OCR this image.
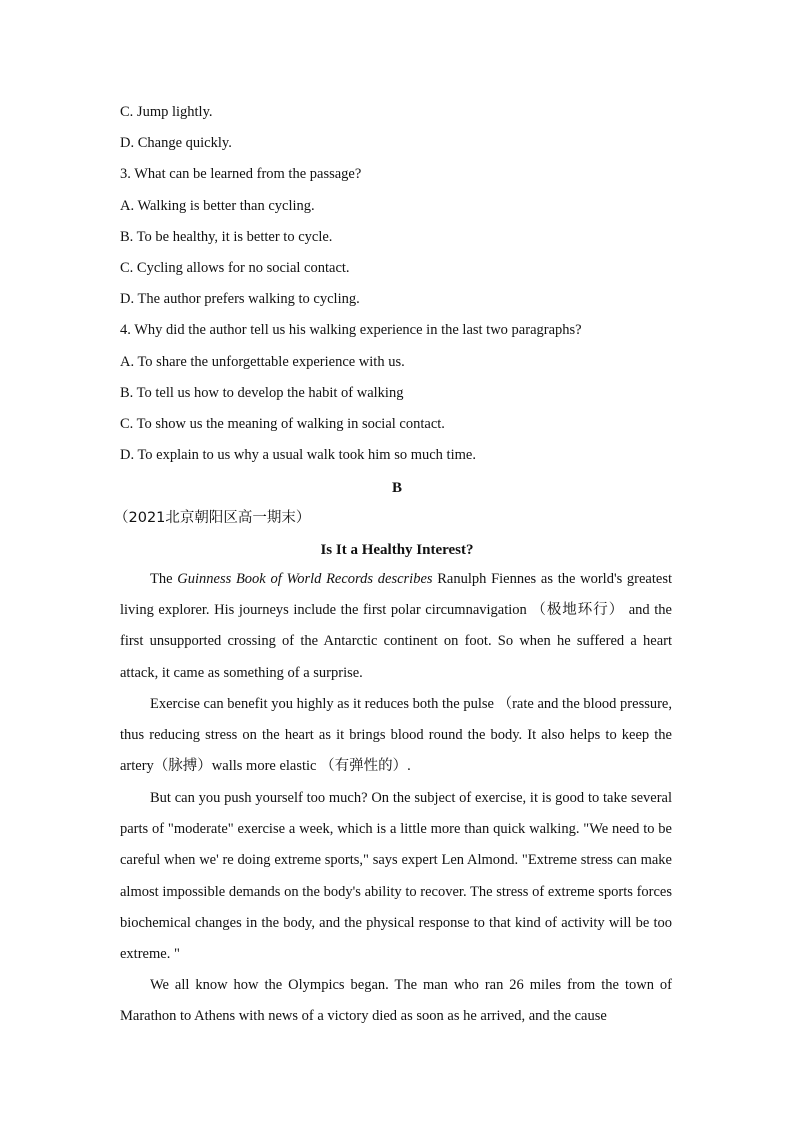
C. Jump lightly.
D. Change quickly.
3. What can be learned from the passage?
A. Walking is better than cycling.
B. To be healthy, it is better to cycle.
C. Cycling allows for no social contact.
D. The author prefers walking to cycling.
4. Why did the author tell us his walking experience in the last two paragraphs?
A. To share the unforgettable experience with us.
B. To tell us how to develop the habit of walking
C. To show us the meaning of walking in social contact.
D. To explain to us why a usual walk took him so much time.
B
（2021北京朝阳区高一期末）
Is It a Healthy Interest?

The Guinness Book of World Records describes Ranulph Fiennes as the world's greatest living explorer. His journeys include the first polar circumnavigation （极地环行） and the first unsupported crossing of the Antarctic continent on foot. So when he suffered a heart attack, it came as something of a surprise.

Exercise can benefit you highly as it reduces both the pulse （rate and the blood pressure, thus reducing stress on the heart as it brings blood round the body. It also helps to keep the artery（脉搏）walls more elastic （有弹性的）.

But can you push yourself too much? On the subject of exercise, it is good to take several parts of "moderate" exercise a week, which is a little more than quick walking. "We need to be careful when we' re doing extreme sports," says expert Len Almond. "Extreme stress can make almost impossible demands on the body's ability to recover. The stress of extreme sports forces biochemical changes in the body, and the physical response to that kind of activity will be too extreme. "

We all know how the Olympics began. The man who ran 26 miles from the town of Marathon to Athens with news of a victory died as soon as he arrived, and the cause
